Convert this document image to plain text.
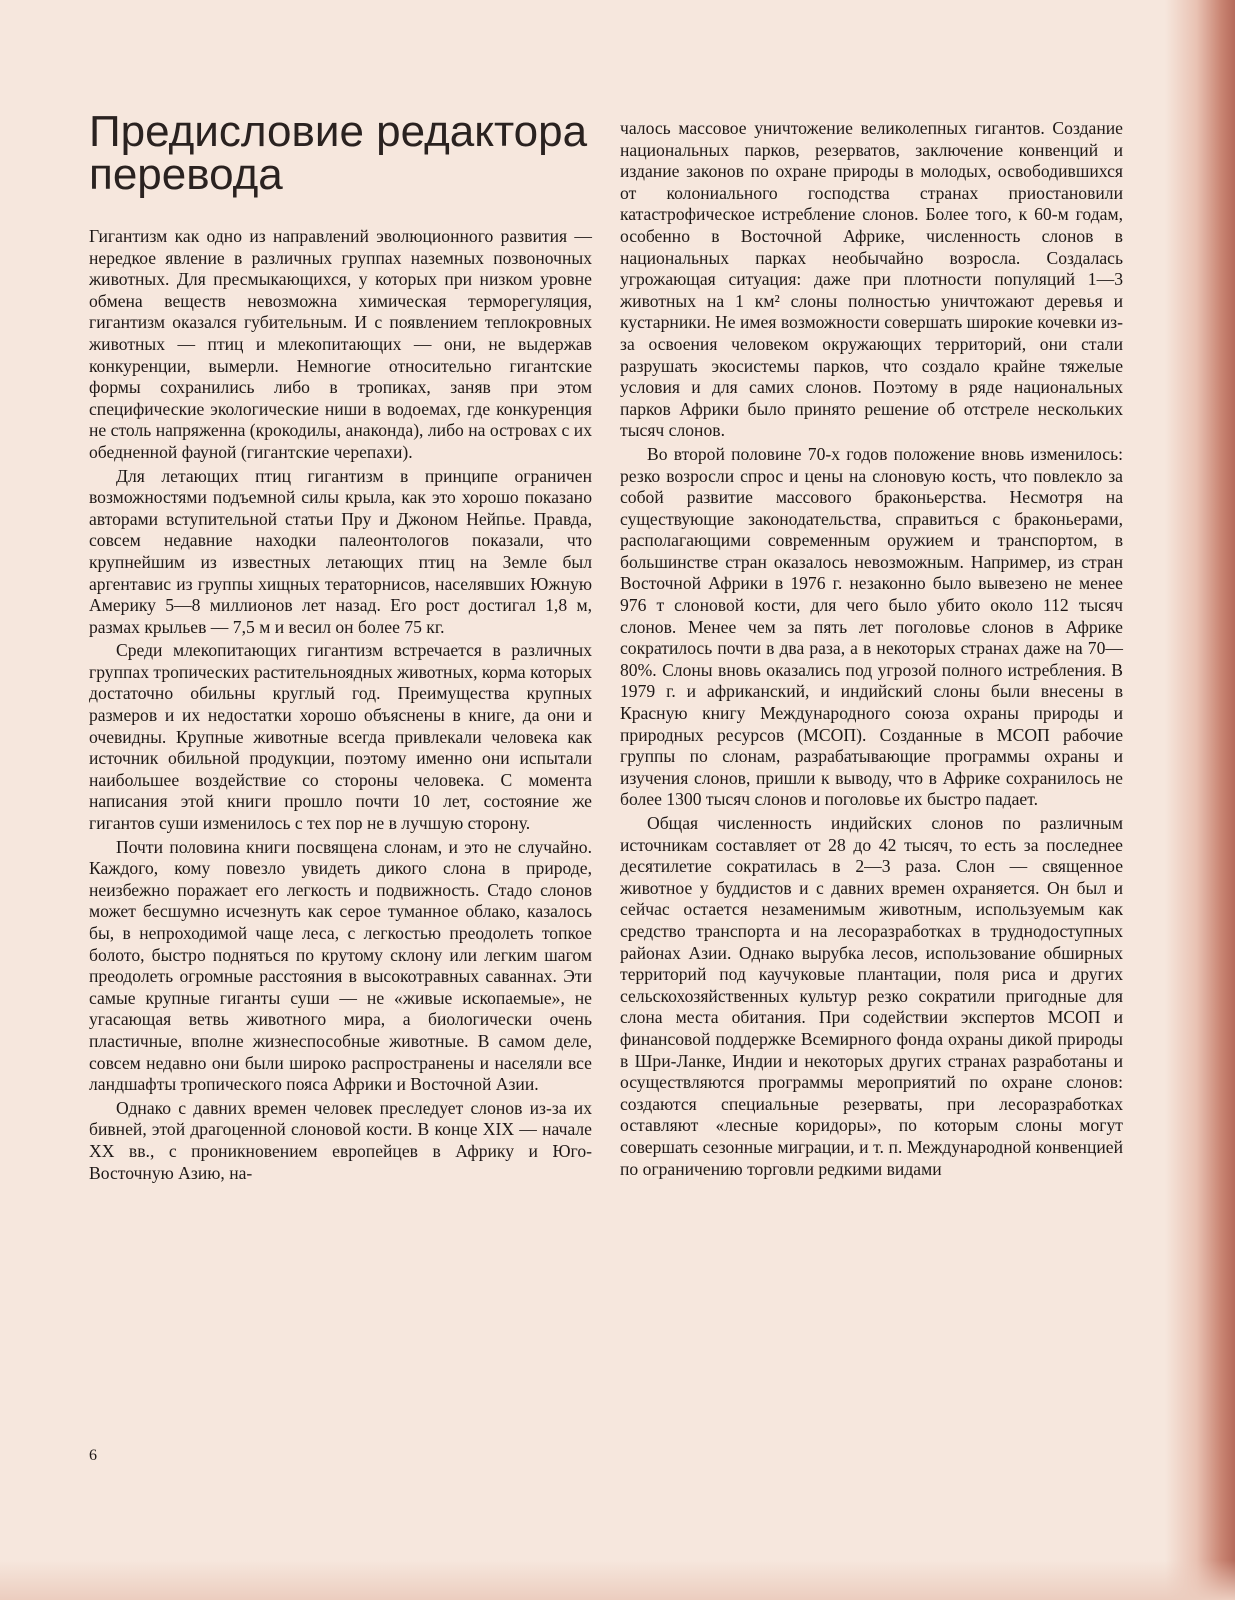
Предисловие редактора перевода

Гигантизм как одно из направлений эволюционного развития — нередкое явление в различных группах наземных позвоночных животных. Для пресмыкающихся, у которых при низком уровне обмена веществ невозможна химическая терморегуляция, гигантизм оказался губительным. И с появлением теплокровных животных — птиц и млекопитающих — они, не выдержав конкуренции, вымерли. Немногие относительно гигантские формы сохранились либо в тропиках, заняв при этом специфические экологические ниши в водоемах, где конкуренция не столь напряженна (крокодилы, анаконда), либо на островах с их обедненной фауной (гигантские черепахи).

Для летающих птиц гигантизм в принципе ограничен возможностями подъемной силы крыла, как это хорошо показано авторами вступительной статьи Пру и Джоном Нейпье. Правда, совсем недавние находки палеонтологов показали, что крупнейшим из известных летающих птиц на Земле был аргентавис из группы хищных тераторнисов, населявших Южную Америку 5—8 миллионов лет назад. Его рост достигал 1,8 м, размах крыльев — 7,5 м и весил он более 75 кг.

Среди млекопитающих гигантизм встречается в различных группах тропических растительноядных животных, корма которых достаточно обильны круглый год. Преимущества крупных размеров и их недостатки хорошо объяснены в книге, да они и очевидны. Крупные животные всегда привлекали человека как источник обильной продукции, поэтому именно они испытали наибольшее воздействие со стороны человека. С момента написания этой книги прошло почти 10 лет, состояние же гигантов суши изменилось с тех пор не в лучшую сторону.

Почти половина книги посвящена слонам, и это не случайно. Каждого, кому повезло увидеть дикого слона в природе, неизбежно поражает его легкость и подвижность. Стадо слонов может бесшумно исчезнуть как серое туманное облако, казалось бы, в непроходимой чаще леса, с легкостью преодолеть топкое болото, быстро подняться по крутому склону или легким шагом преодолеть огромные расстояния в высокотравных саваннах. Эти самые крупные гиганты суши — не «живые ископаемые», не угасающая ветвь животного мира, а биологически очень пластичные, вполне жизнеспособные животные. В самом деле, совсем недавно они были широко распространены и населяли все ландшафты тропического пояса Африки и Восточной Азии.

Однако с давних времен человек преследует слонов из-за их бивней, этой драгоценной слоновой кости. В конце XIX — начале XX вв., с проникновением европейцев в Африку и Юго-Восточную Азию, на-

чалось массовое уничтожение великолепных гигантов. Создание национальных парков, резерватов, заключение конвенций и издание законов по охране природы в молодых, освободившихся от колониального господства странах приостановили катастрофическое истребление слонов. Более того, к 60-м годам, особенно в Восточной Африке, численность слонов в национальных парках необычайно возросла. Создалась угрожающая ситуация: даже при плотности популяций 1—3 животных на 1 км² слоны полностью уничтожают деревья и кустарники. Не имея возможности совершать широкие кочевки из-за освоения человеком окружающих территорий, они стали разрушать экосистемы парков, что создало крайне тяжелые условия и для самих слонов. Поэтому в ряде национальных парков Африки было принято решение об отстреле нескольких тысяч слонов.

Во второй половине 70-х годов положение вновь изменилось: резко возросли спрос и цены на слоновую кость, что повлекло за собой развитие массового браконьерства. Несмотря на существующие законодательства, справиться с браконьерами, располагающими современным оружием и транспортом, в большинстве стран оказалось невозможным. Например, из стран Восточной Африки в 1976 г. незаконно было вывезено не менее 976 т слоновой кости, для чего было убито около 112 тысяч слонов. Менее чем за пять лет поголовье слонов в Африке сократилось почти в два раза, а в некоторых странах даже на 70—80%. Слоны вновь оказались под угрозой полного истребления. В 1979 г. и африканский, и индийский слоны были внесены в Красную книгу Международного союза охраны природы и природных ресурсов (МСОП). Созданные в МСОП рабочие группы по слонам, разрабатывающие программы охраны и изучения слонов, пришли к выводу, что в Африке сохранилось не более 1300 тысяч слонов и поголовье их быстро падает.

Общая численность индийских слонов по различным источникам составляет от 28 до 42 тысяч, то есть за последнее десятилетие сократилась в 2—3 раза. Слон — священное животное у буддистов и с давних времен охраняется. Он был и сейчас остается незаменимым животным, используемым как средство транспорта и на лесоразработках в труднодоступных районах Азии. Однако вырубка лесов, использование обширных территорий под каучуковые плантации, поля риса и других сельскохозяйственных культур резко сократили пригодные для слона места обитания. При содействии экспертов МСОП и финансовой поддержке Всемирного фонда охраны дикой природы в Шри-Ланке, Индии и некоторых других странах разработаны и осуществляются программы мероприятий по охране слонов: создаются специальные резерваты, при лесоразработках оставляют «лесные коридоры», по которым слоны могут совершать сезонные миграции, и т. п. Международной конвенцией по ограничению торговли редкими видами

6
